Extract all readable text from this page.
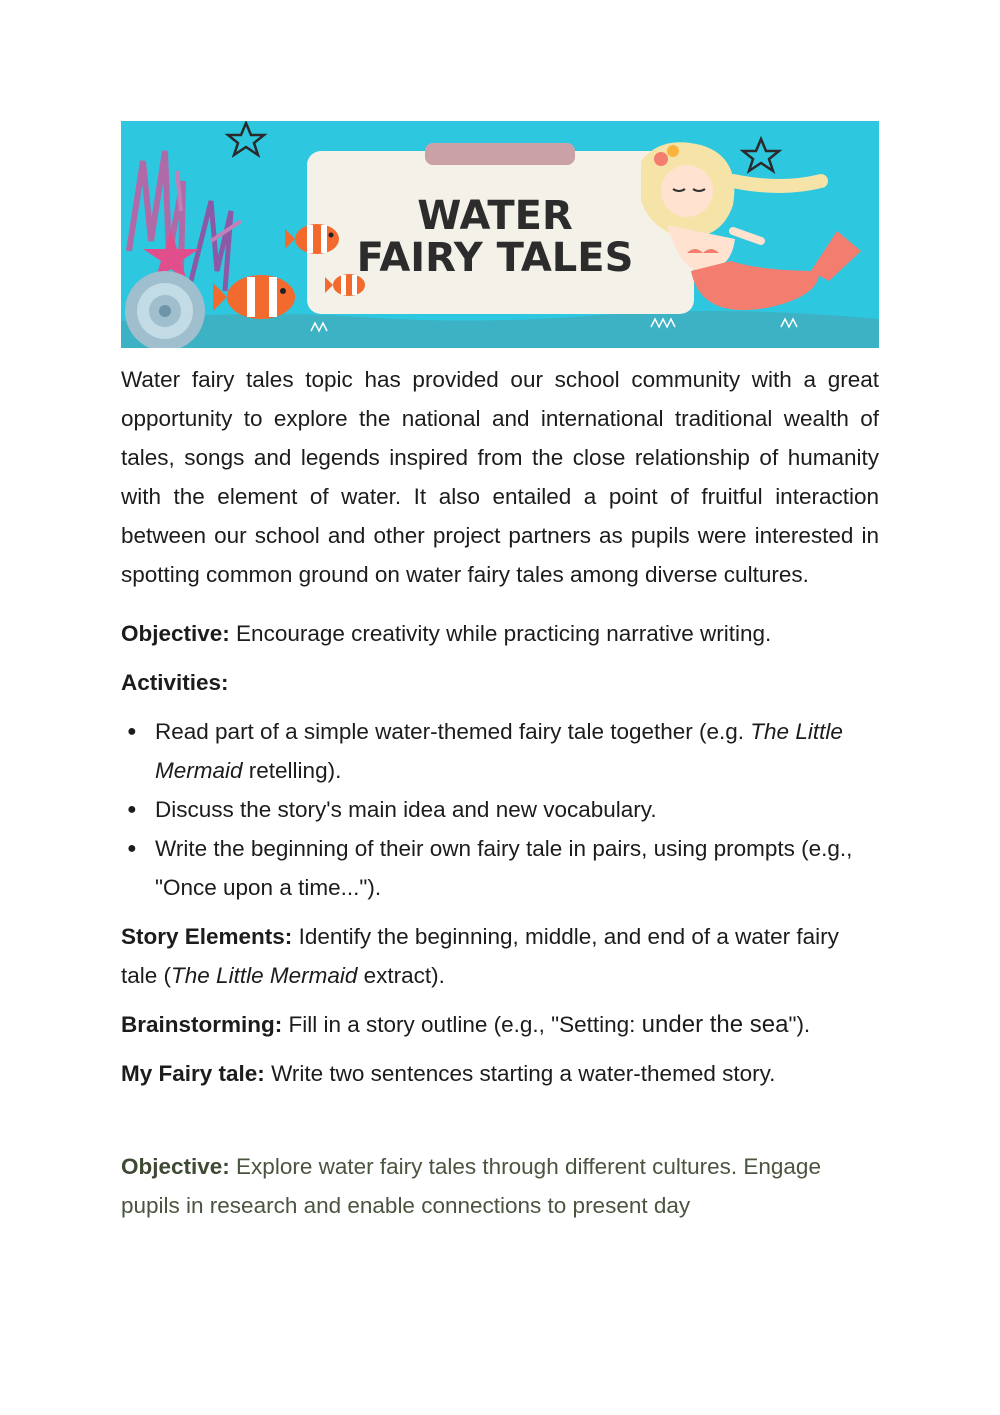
WATER
FAIRY TALES

Water fairy tales topic has provided our school community with a great opportunity to explore the national and international traditional wealth of tales, songs and legends inspired from the close relationship of humanity with the element of water. It also entailed a point of fruitful interaction between our school and other project partners as pupils were interested in spotting common ground on water fairy tales among diverse cultures.

Objective: Encourage creativity while practicing narrative writing.

Activities:

● Read part of a simple water-themed fairy tale together (e.g. The Little Mermaid retelling).
● Discuss the story's main idea and new vocabulary.
● Write the beginning of their own fairy tale in pairs, using prompts (e.g., "Once upon a time...").

Story Elements: Identify the beginning, middle, and end of a water fairy tale (The Little Mermaid extract).

Brainstorming: Fill in a story outline (e.g., "Setting: under the sea").

My Fairy tale: Write two sentences starting a water-themed story.

Objective: Explore water fairy tales through different cultures. Engage pupils in research and enable connections to present day
